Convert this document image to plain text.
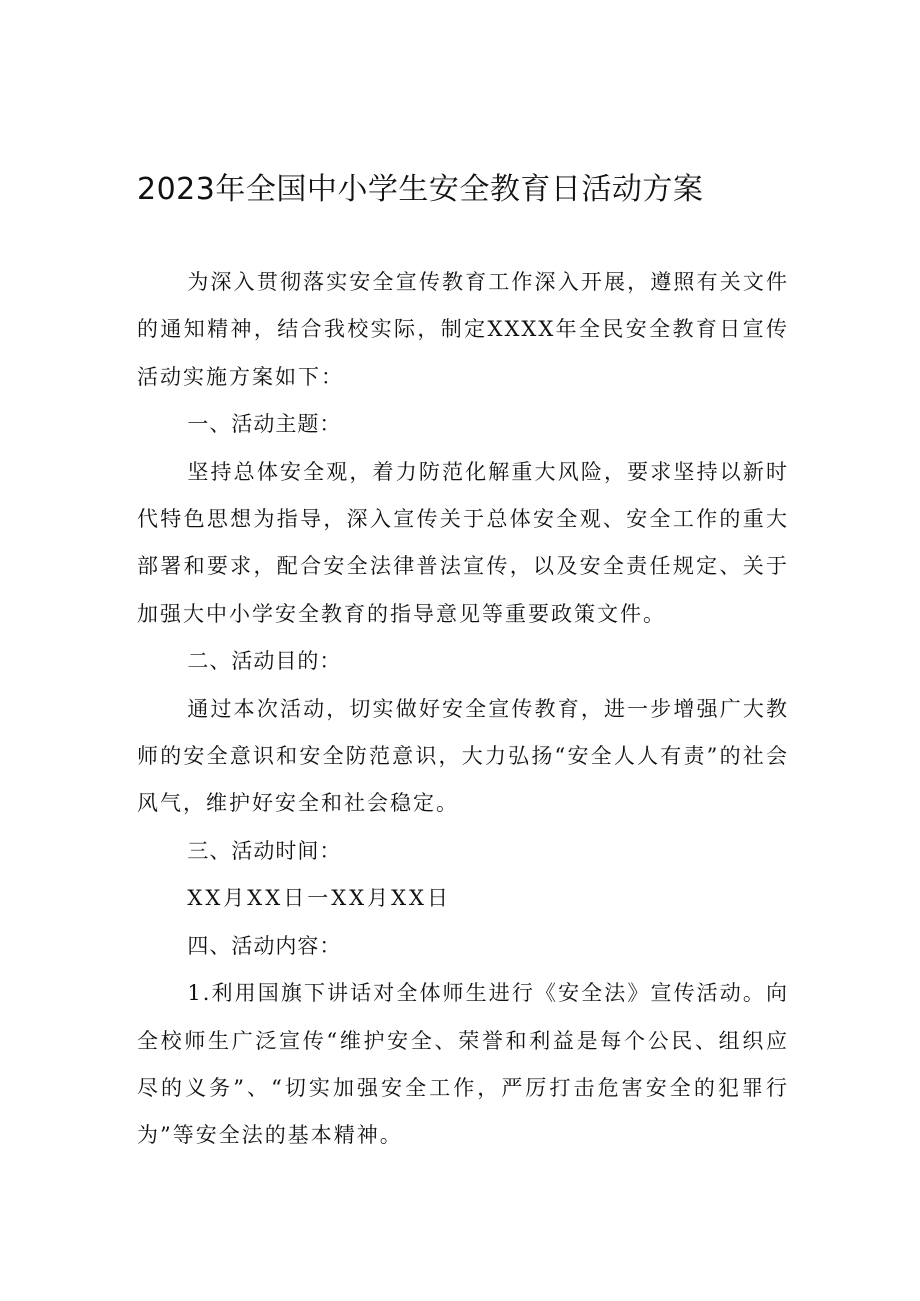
2023年全国中小学生安全教育日活动方案

为深入贯彻落实安全宣传教育工作深入开展，遵照有关文件的通知精神，结合我校实际，制定XXXX年全民安全教育日宣传活动实施方案如下：

一、活动主题：

坚持总体安全观，着力防范化解重大风险，要求坚持以新时代特色思想为指导，深入宣传关于总体安全观、安全工作的重大部署和要求，配合安全法律普法宣传，以及安全责任规定、关于加强大中小学安全教育的指导意见等重要政策文件。

二、活动目的：

通过本次活动，切实做好安全宣传教育，进一步增强广大教师的安全意识和安全防范意识，大力弘扬“安全人人有责”的社会风气，维护好安全和社会稳定。

三、活动时间：

XX月XX日一XX月XX日

四、活动内容：

1.利用国旗下讲话对全体师生进行《安全法》宣传活动。向全校师生广泛宣传“维护安全、荣誉和利益是每个公民、组织应尽的义务”、“切实加强安全工作，严厉打击危害安全的犯罪行为”等安全法的基本精神。
